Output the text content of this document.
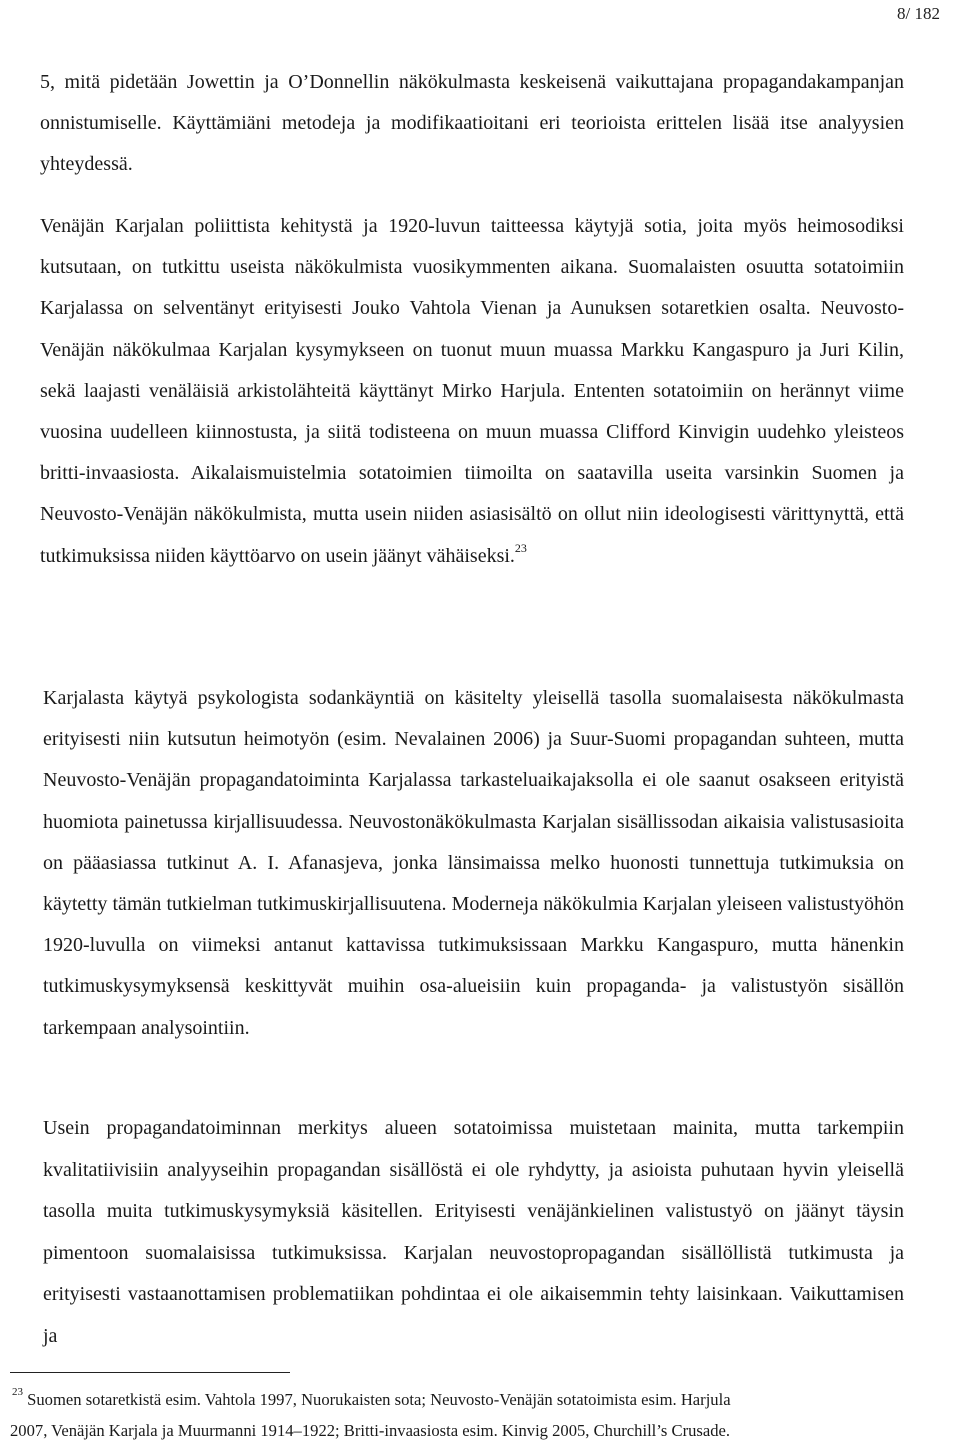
8/ 182

5, mitä pidetään Jowettin ja O’Donnellin näkökulmasta keskeisenä vaikuttajana propagandakampanjan onnistumiselle. Käyttämiäni metodeja ja modifikaatioitani eri teorioista erittelen lisää itse analyysien yhteydessä.

Venäjän Karjalan poliittista kehitystä ja 1920-luvun taitteessa käytyjä sotia, joita myös heimosodiksi kutsutaan, on tutkittu useista näkökulmista vuosikymmenten aikana. Suomalaisten osuutta sotatoimiin Karjalassa on selventänyt erityisesti Jouko Vahtola Vienan ja Aunuksen sotaretkien osalta. Neuvosto-Venäjän näkökulmaa Karjalan kysymykseen on tuonut muun muassa Markku Kangaspuro ja Juri Kilin, sekä laajasti venäläisiä arkistolähteitä käyttänyt Mirko Harjula. Ententen sotatoimiin on herännyt viime vuosina uudelleen kiinnostusta, ja siitä todisteena on muun muassa Clifford Kinvigin uudehko yleisteos britti-invaasiosta. Aikalaismuistelmia sotatoimien tiimoilta on saatavilla useita varsinkin Suomen ja Neuvosto-Venäjän näkökulmista, mutta usein niiden asiasisältö on ollut niin ideologisesti värittynyttä, että tutkimuksissa niiden käyttöarvo on usein jäänyt vähäiseksi.$^{23}$

Karjalasta käytyä psykologista sodankäyntiä on käsitelty yleisellä tasolla suomalaisesta näkökulmasta erityisesti niin kutsutun heimotyön (esim. Nevalainen 2006) ja Suur-Suomi propagandan suhteen, mutta Neuvosto-Venäjän propagandatoiminta Karjalassa tarkasteluaikajaksolla ei ole saanut osakseen erityistä huomiota painetussa kirjallisuudessa. Neuvostonäkökulmasta Karjalan sisällissodan aikaisia valistusasioita on pääasiassa tutkinut A. I. Afanasjeva, jonka länsimaissa melko huonosti tunnettuja tutkimuksia on käytetty tämän tutkielman tutkimuskirjallisuutena. Moderneja näkökulmia Karjalan yleiseen valistustyöhön 1920-luvulla on viimeksi antanut kattavissa tutkimuksissaan Markku Kangaspuro, mutta hänenkin tutkimuskysymyksensä keskittyvät muihin osa-alueisiin kuin propaganda- ja valistustyön sisällön tarkempaan analysointiin.

Usein propagandatoiminnan merkitys alueen sotatoimissa muistetaan mainita, mutta tarkempiin kvalitatiivisiin analyyseihin propagandan sisällöstä ei ole ryhdytty, ja asioista puhutaan hyvin yleisellä tasolla muita tutkimuskysymyksiä käsitellen. Erityisesti venäjänkielinen valistustyö on jäänyt täysin pimentoon suomalaisissa tutkimuksissa. Karjalan neuvostopropagandan sisällöllistä tutkimusta ja erityisesti vastaanottamisen problematiikan pohdintaa ei ole aikaisemmin tehty laisinkaan. Vaikuttamisen ja

$^{23}$ Suomen sotaretkistä esim. Vahtola 1997, Nuorukaisten sota; Neuvosto-Venäjän sotatoimista esim. Harjula
2007, Venäjän Karjala ja Muurmanni 1914–1922; Britti-invaasiosta esim. Kinvig 2005, Churchill’s Crusade.
